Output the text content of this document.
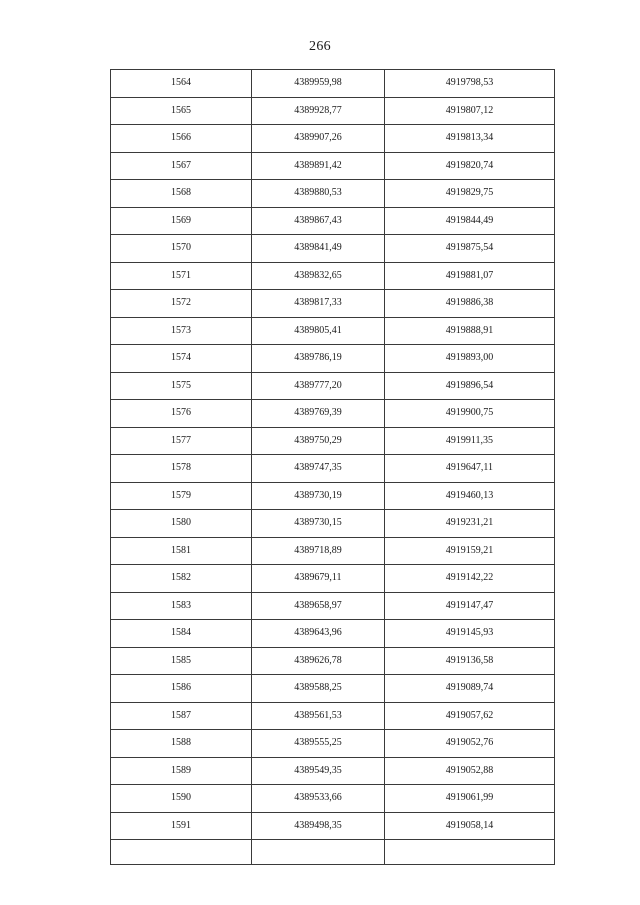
266
1564	4389959,98	4919798,53
1565	4389928,77	4919807,12
1566	4389907,26	4919813,34
1567	4389891,42	4919820,74
1568	4389880,53	4919829,75
1569	4389867,43	4919844,49
1570	4389841,49	4919875,54
1571	4389832,65	4919881,07
1572	4389817,33	4919886,38
1573	4389805,41	4919888,91
1574	4389786,19	4919893,00
1575	4389777,20	4919896,54
1576	4389769,39	4919900,75
1577	4389750,29	4919911,35
1578	4389747,35	4919647,11
1579	4389730,19	4919460,13
1580	4389730,15	4919231,21
1581	4389718,89	4919159,21
1582	4389679,11	4919142,22
1583	4389658,97	4919147,47
1584	4389643,96	4919145,93
1585	4389626,78	4919136,58
1586	4389588,25	4919089,74
1587	4389561,53	4919057,62
1588	4389555,25	4919052,76
1589	4389549,35	4919052,88
1590	4389533,66	4919061,99
1591	4389498,35	4919058,14
